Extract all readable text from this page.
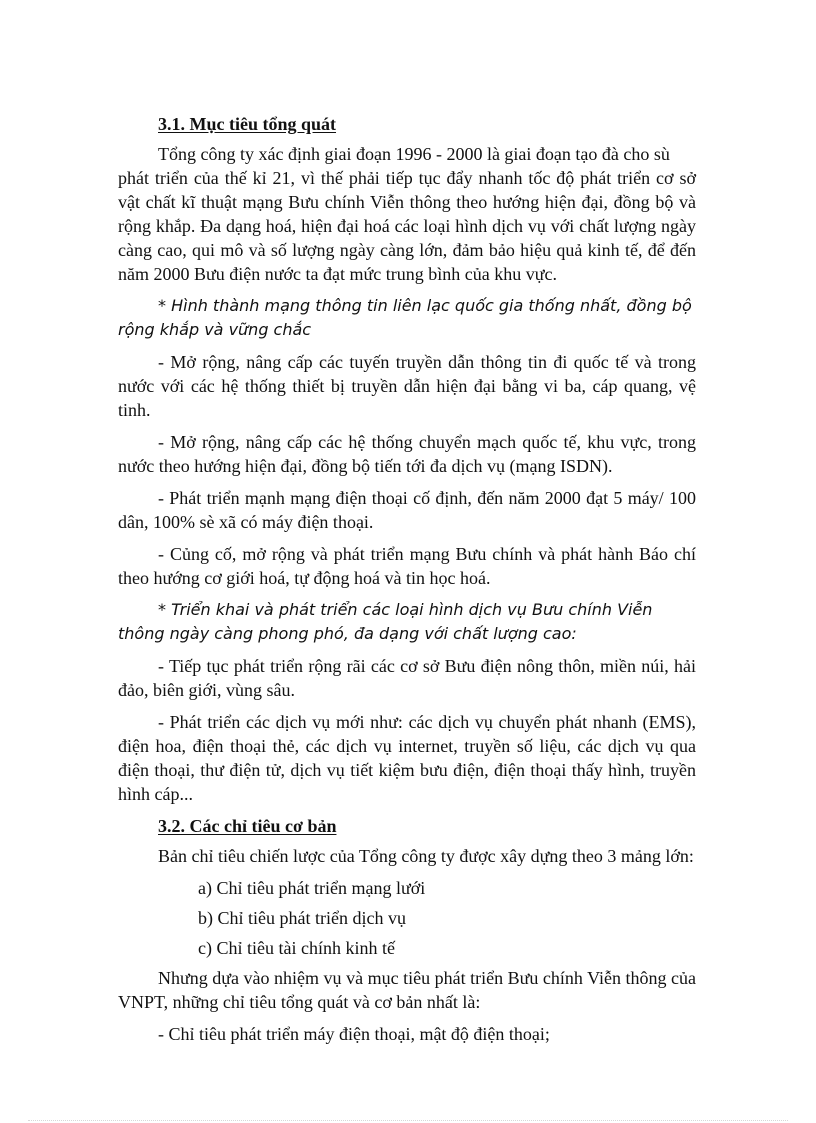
3.1. Mục tiêu tổng quát

Tổng công ty xác định giai đoạn 1996 - 2000 là giai đoạn tạo đà cho sù
phát triển của thế kỉ 21, vì thế phải tiếp tục đẩy nhanh tốc độ phát triển cơ sở vật chất kĩ thuật mạng Bưu chính Viễn thông theo hướng hiện đại, đồng bộ và rộng khắp. Đa dạng hoá, hiện đại hoá các loại hình dịch vụ với chất lượng ngày càng cao, qui mô và số lượng ngày càng lớn, đảm bảo hiệu quả kinh tế, để đến năm 2000 Bưu điện nước ta đạt mức trung bình của khu vực.

* Hình thành mạng thông tin liên lạc quốc gia thống nhất, đồng bộ rộng khắp và vững chắc

- Mở rộng, nâng cấp các tuyến truyền dẫn thông tin đi quốc tế và trong nước với các hệ thống thiết bị truyền dẫn hiện đại bằng vi ba, cáp quang, vệ tinh.

- Mở rộng, nâng cấp các hệ thống chuyển mạch quốc tế, khu vực, trong nước theo hướng hiện đại, đồng bộ tiến tới đa dịch vụ (mạng ISDN).

- Phát triển mạnh mạng điện thoại cố định, đến năm 2000 đạt 5 máy/ 100 dân, 100% sè xã có máy điện thoại.

- Củng cố, mở rộng và phát triển mạng Bưu chính và phát hành Báo chí theo hướng cơ giới hoá, tự động hoá và tin học hoá.

* Triển khai và phát triển các loại hình dịch vụ Bưu chính Viễn thông ngày càng phong phó, đa dạng với chất lượng cao:

- Tiếp tục phát triển rộng rãi các cơ sở Bưu điện nông thôn, miền núi, hải đảo, biên giới, vùng sâu.

- Phát triển các dịch vụ mới như: các dịch vụ chuyển phát nhanh (EMS), điện hoa, điện thoại thẻ, các dịch vụ internet, truyền số liệu, các dịch vụ qua điện thoại, thư điện tử, dịch vụ tiết kiệm bưu điện, điện thoại thấy hình, truyền hình cáp...

3.2. Các chỉ tiêu cơ bản

Bản chỉ tiêu chiến lược của Tổng công ty được xây dựng theo 3 mảng lớn:

a) Chỉ tiêu phát triển mạng lưới

b) Chỉ tiêu phát triển dịch vụ

c) Chỉ tiêu tài chính kinh tế

Nhưng dựa vào nhiệm vụ và mục tiêu phát triển Bưu chính Viễn thông của VNPT, những chỉ tiêu tổng quát và cơ bản nhất là:

- Chỉ tiêu phát triển máy điện thoại, mật độ điện thoại;
